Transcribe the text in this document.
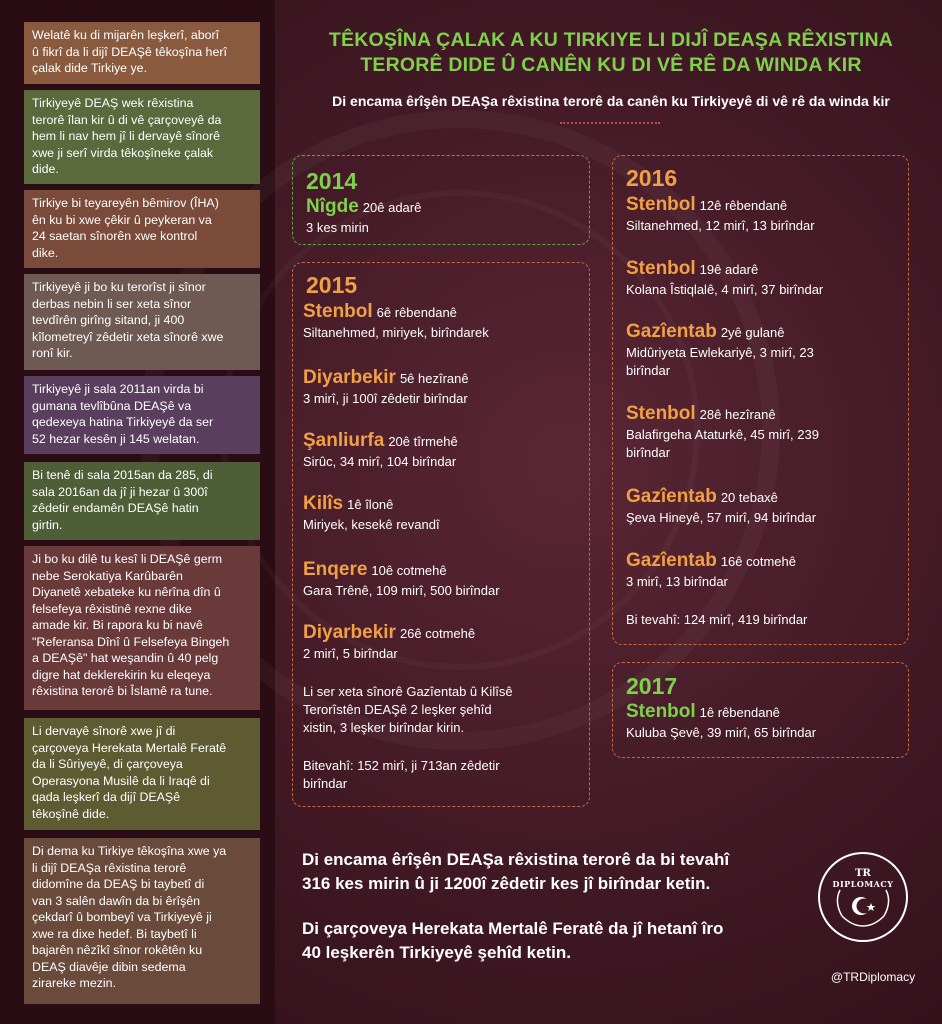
Welatê ku di mijarên leşkerî, aborî
û fikrî da li dijî DEAŞê têkoşîna herî
çalak dide Tirkiye ye.

Tirkiyeyê DEAŞ wek rêxistina
terorê îlan kir û di vê çarçoveyê da
hem li nav hem jî li dervayê sînorê
xwe ji serî virda têkoşîneke çalak
dide.

Tirkiye bi teyareyên bêmirov (ÎHA)
ên ku bi xwe çêkir û peykeran va
24 saetan sînorên xwe kontrol
dike.

Tirkiyeyê ji bo ku terorîst ji sînor
derbas nebin li ser xeta sînor
tevdîrên girîng sitand, ji 400
kîlometreyî zêdetir xeta sînorê xwe
ronî kir.

Tirkiyeyê ji sala 2011an virda bi
gumana tevlîbûna DEAŞê va
qedexeya hatina Tirkiyeyê da ser
52 hezar kesên ji 145 welatan.

Bi tenê di sala 2015an da 285, di
sala 2016an da jî ji hezar û 300î
zêdetir endamên DEAŞê hatin
girtin.

Ji bo ku dilê tu kesî li DEAŞê germ
nebe Serokatiya Karûbarên
Diyanetê xebateke ku nêrîna dîn û
felsefeya rêxistinê rexne dike
amade kir. Bi rapora ku bi navê
"Referansa Dînî û Felsefeya Bingeh
a DEAŞê" hat weşandin û 40 pelg
digre hat deklerekirin ku eleqeya
rêxistina terorê bi Îslamê ra tune.

Li dervayê sînorê xwe jî di
çarçoveya Herekata Mertalê Feratê
da li Sûriyeyê, di çarçoveya
Operasyona Musilê da li Iraqê di
qada leşkerî da dijî DEAŞê
têkoşînê dide.

Di dema ku Tirkiye têkoşîna xwe ya
li dijî DEAŞa rêxistina terorê
didomîne da DEAŞ bi taybetî di
van 3 salên dawîn da bi êrîşên
çekdarî û bombeyî va Tirkiyeyê ji
xwe ra dixe hedef. Bi taybetî li
bajarên nêzîkî sînor rokêtên ku
DEAŞ diavêje dibin sedema
zirareke mezin.

TÊKOŞÎNA ÇALAK A KU TIRKIYE LI DIJÎ DEAŞA RÊXISTINA
TERORÊ DIDE Û CANÊN KU DI VÊ RÊ DA WINDA KIR
Di encama êrîşên DEAŞa rêxistina terorê da canên ku Tirkiyeyê di vê rê da winda kir
2014
Nîgde 20ê adarê
3 kes mirin
2015
Stenbol 6ê rêbendanê
Siltanehmed, miriyek, birîndarek
Diyarbekir 5ê hezîranê
3 mirî, ji 100î zêdetir birîndar
Şanliurfa 20ê tîrmehê
Sirûc, 34 mirî, 104 birîndar
Kilîs 1ê îlonê
Miriyek, kesekê revandî
Enqere 10ê cotmehê
Gara Trênê, 109 mirî, 500 birîndar
Diyarbekir 26ê cotmehê
2 mirî, 5 birîndar
Li ser xeta sînorê Gazîentab û Kilîsê
Terorîstên DEAŞê 2 leşker şehîd
xistin, 3 leşker birîndar kirin.
Bitevahî: 152 mirî, ji 713an zêdetir
birîndar
2016
Stenbol 12ê rêbendanê
Siltanehmed, 12 mirî, 13 birîndar
Stenbol 19ê adarê
Kolana Îstiqlalê, 4 mirî, 37 birîndar
Gazîentab 2yê gulanê
Midûriyeta Ewlekariyê, 3 mirî, 23
birîndar
Stenbol 28ê hezîranê
Balafirgeha Ataturkê, 45 mirî, 239
birîndar
Gazîentab 20 tebaxê
Şeva Hineyê, 57 mirî, 94 birîndar
Gazîentab 16ê cotmehê
3 mirî, 13 birîndar
Bi tevahî: 124 mirî, 419 birîndar
2017
Stenbol 1ê rêbendanê
Kuluba Şevê, 39 mirî, 65 birîndar
Di encama êrîşên DEAŞa rêxistina terorê da bi tevahî
316 kes mirin û ji 1200î zêdetir kes jî birîndar ketin.
Di çarçoveya Herekata Mertalê Feratê da jî hetanî îro
40 leşkerên Tirkiyeyê şehîd ketin.
TR
DIPLOMACY
@TRDiplomacy
